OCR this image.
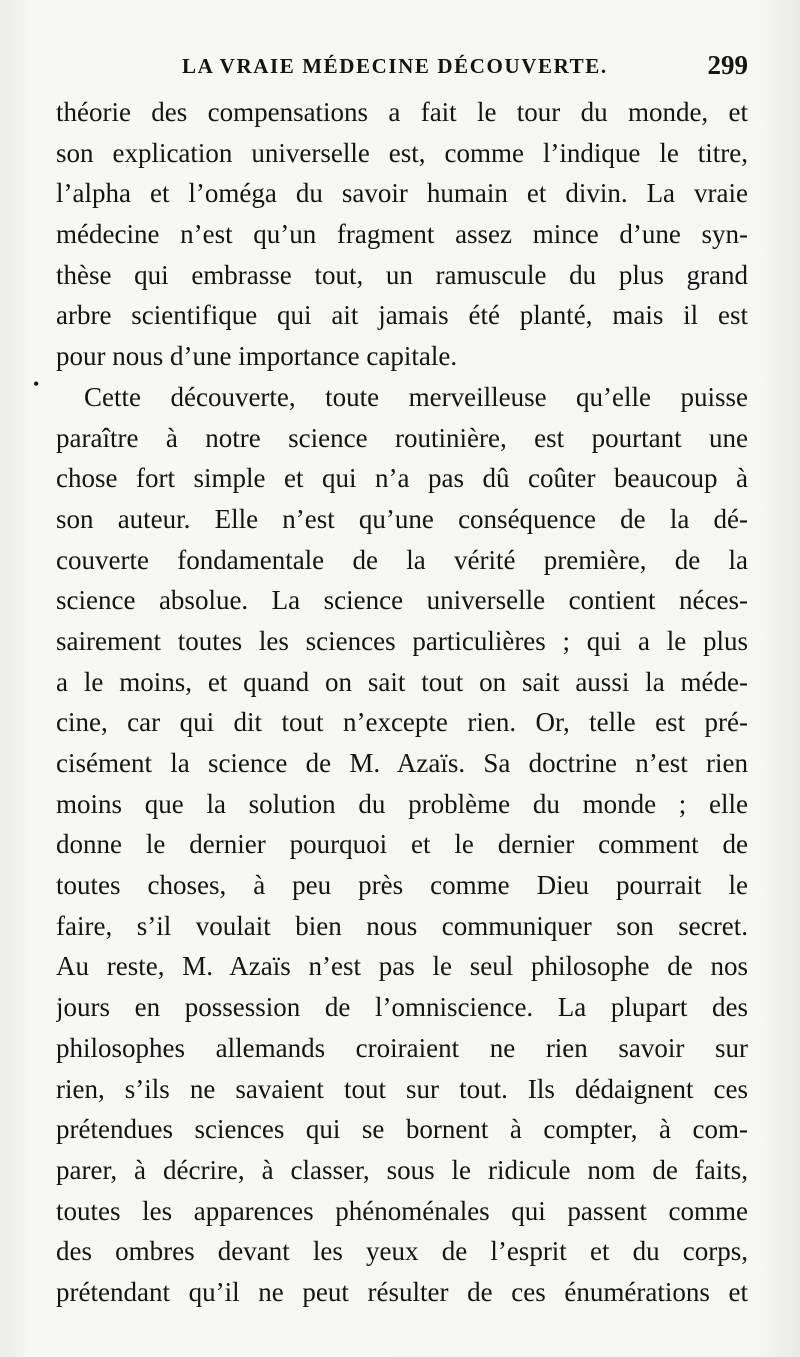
LA VRAIE MÉDECINE DÉCOUVERTE.	299
•
théorie des compensations a fait le tour du monde, et
son explication universelle est, comme l’indique le titre,
l’alpha et l’oméga du savoir humain et divin. La vraie
médecine n’est qu’un fragment assez mince d’une syn-
thèse qui embrasse tout, un ramuscule du plus grand
arbre scientifique qui ait jamais été planté, mais il est
pour nous d’une importance capitale.
Cette découverte, toute merveilleuse qu’elle puisse
paraître à notre science routinière, est pourtant une
chose fort simple et qui n’a pas dû coûter beaucoup à
son auteur. Elle n’est qu’une conséquence de la dé-
couverte fondamentale de la vérité première, de la
science absolue. La science universelle contient néces-
sairement toutes les sciences particulières ; qui a le plus
a le moins, et quand on sait tout on sait aussi la méde-
cine, car qui dit tout n’excepte rien. Or, telle est pré-
cisément la science de M. Azaïs. Sa doctrine n’est rien
moins que la solution du problème du monde ; elle
donne le dernier pourquoi et le dernier comment de
toutes choses, à peu près comme Dieu pourrait le
faire, s’il voulait bien nous communiquer son secret.
Au reste, M. Azaïs n’est pas le seul philosophe de nos
jours en possession de l’omniscience. La plupart des
philosophes allemands croiraient ne rien savoir sur
rien, s’ils ne savaient tout sur tout. Ils dédaignent ces
prétendues sciences qui se bornent à compter, à com-
parer, à décrire, à classer, sous le ridicule nom de faits,
toutes les apparences phénoménales qui passent comme
des ombres devant les yeux de l’esprit et du corps,
prétendant qu’il ne peut résulter de ces énumérations et
